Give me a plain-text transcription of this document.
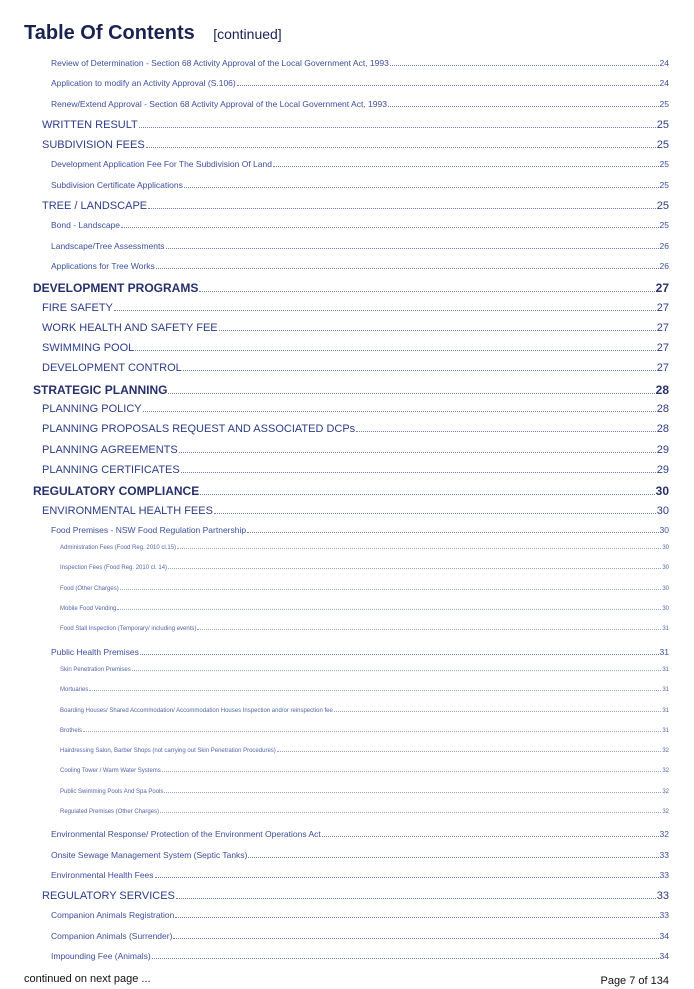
Table Of Contents [continued]
Review of Determination - Section 68 Activity Approval of the Local Government Act, 1993	24
Application to modify an Activity Approval (S.106)	24
Renew/Extend Approval - Section 68 Activity Approval of the Local Government Act, 1993	25
WRITTEN RESULT	25
SUBDIVISION FEES	25
Development Application Fee For The Subdivision Of Land	25
Subdivision Certificate Applications	25
TREE / LANDSCAPE	25
Bond - Landscape	25
Landscape/Tree Assessments	26
Applications for Tree Works	26
DEVELOPMENT PROGRAMS	27
FIRE SAFETY	27
WORK HEALTH AND SAFETY FEE	27
SWIMMING POOL	27
DEVELOPMENT CONTROL	27
STRATEGIC PLANNING	28
PLANNING POLICY	28
PLANNING PROPOSALS REQUEST AND ASSOCIATED DCPs	28
PLANNING AGREEMENTS	29
PLANNING CERTIFICATES	29
REGULATORY COMPLIANCE	30
ENVIRONMENTAL HEALTH FEES	30
Food Premises - NSW Food Regulation Partnership	30
Administration Fees (Food Reg. 2010 cl.15)	30
Inspection Fees (Food Reg. 2010 cl. 14)	30
Food (Other Charges)	30
Mobile Food Vending	30
Food Stall Inspection (Temporary/ including events)	31
Public Health Premises	31
Skin Penetration Premises	31
Mortuaries	31
Boarding Houses/ Shared Accommodation/ Accommodation Houses Inspection and/or reinspection fee	31
Brothels	31
Hairdressing Salon, Barber Shops (not carrying out Skin Penetration Procedures)	32
Cooling Tower / Warm Water Systems	32
Public Swimming Pools And Spa Pools	32
Regulated Premises (Other Charges)	32
Environmental Response/ Protection of the Environment Operations Act	32
Onsite Sewage Management System (Septic Tanks)	33
Environmental Health Fees	33
REGULATORY SERVICES	33
Companion Animals Registration	33
Companion Animals (Surrender)	34
Impounding Fee (Animals)	34
continued on next page ...	Page 7 of 134
